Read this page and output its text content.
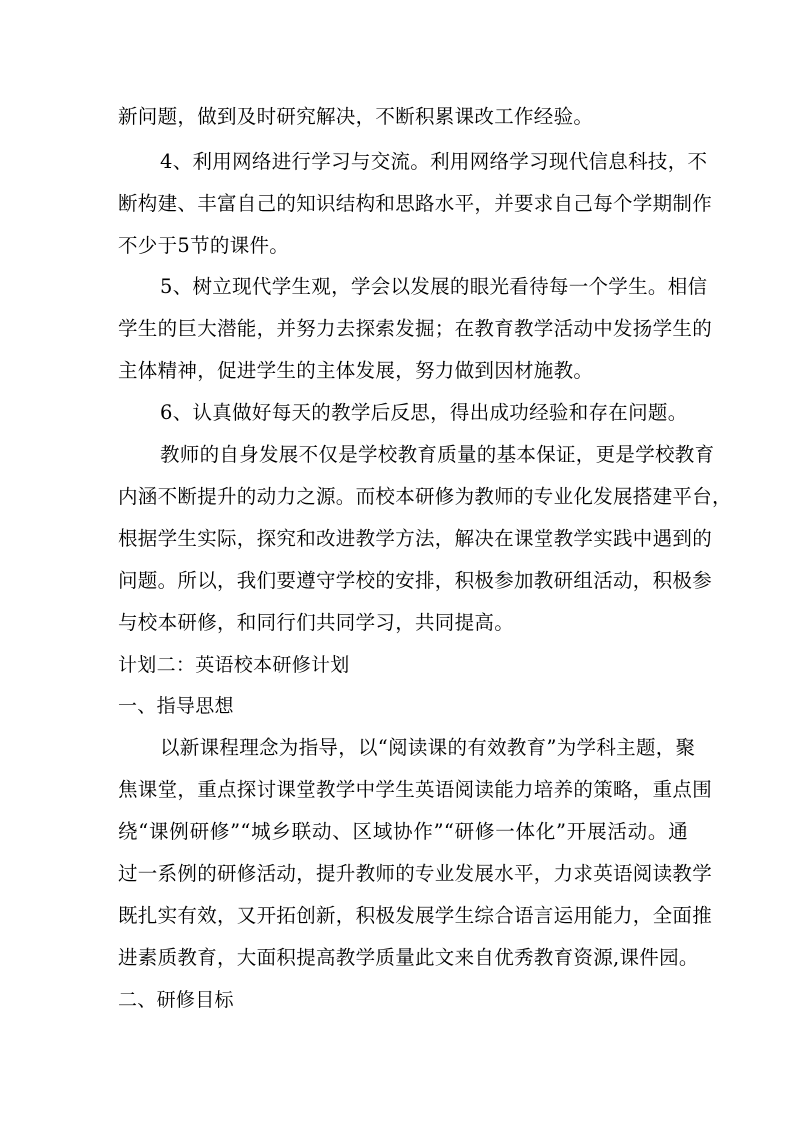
新问题，做到及时研究解决，不断积累课改工作经验。
4、利用网络进行学习与交流。利用网络学习现代信息科技，不
断构建、丰富自己的知识结构和思路水平，并要求自己每个学期制作
不少于5节的课件。
5、树立现代学生观，学会以发展的眼光看待每一个学生。相信
学生的巨大潜能，并努力去探索发掘；在教育教学活动中发扬学生的
主体精神，促进学生的主体发展，努力做到因材施教。
6、认真做好每天的教学后反思，得出成功经验和存在问题。
教师的自身发展不仅是学校教育质量的基本保证，更是学校教育
内涵不断提升的动力之源。而校本研修为教师的专业化发展搭建平台，
根据学生实际，探究和改进教学方法，解决在课堂教学实践中遇到的
问题。所以，我们要遵守学校的安排，积极参加教研组活动，积极参
与校本研修，和同行们共同学习，共同提高。
计划二：英语校本研修计划
一、指导思想
以新课程理念为指导，以“阅读课的有效教育”为学科主题，聚
焦课堂，重点探讨课堂教学中学生英语阅读能力培养的策略，重点围
绕“课例研修”“城乡联动、区域协作”“研修一体化”开展活动。通
过一系例的研修活动，提升教师的专业发展水平，力求英语阅读教学
既扎实有效，又开拓创新，积极发展学生综合语言运用能力，全面推
进素质教育，大面积提高教学质量此文来自优秀教育资源,课件园。
二、研修目标
